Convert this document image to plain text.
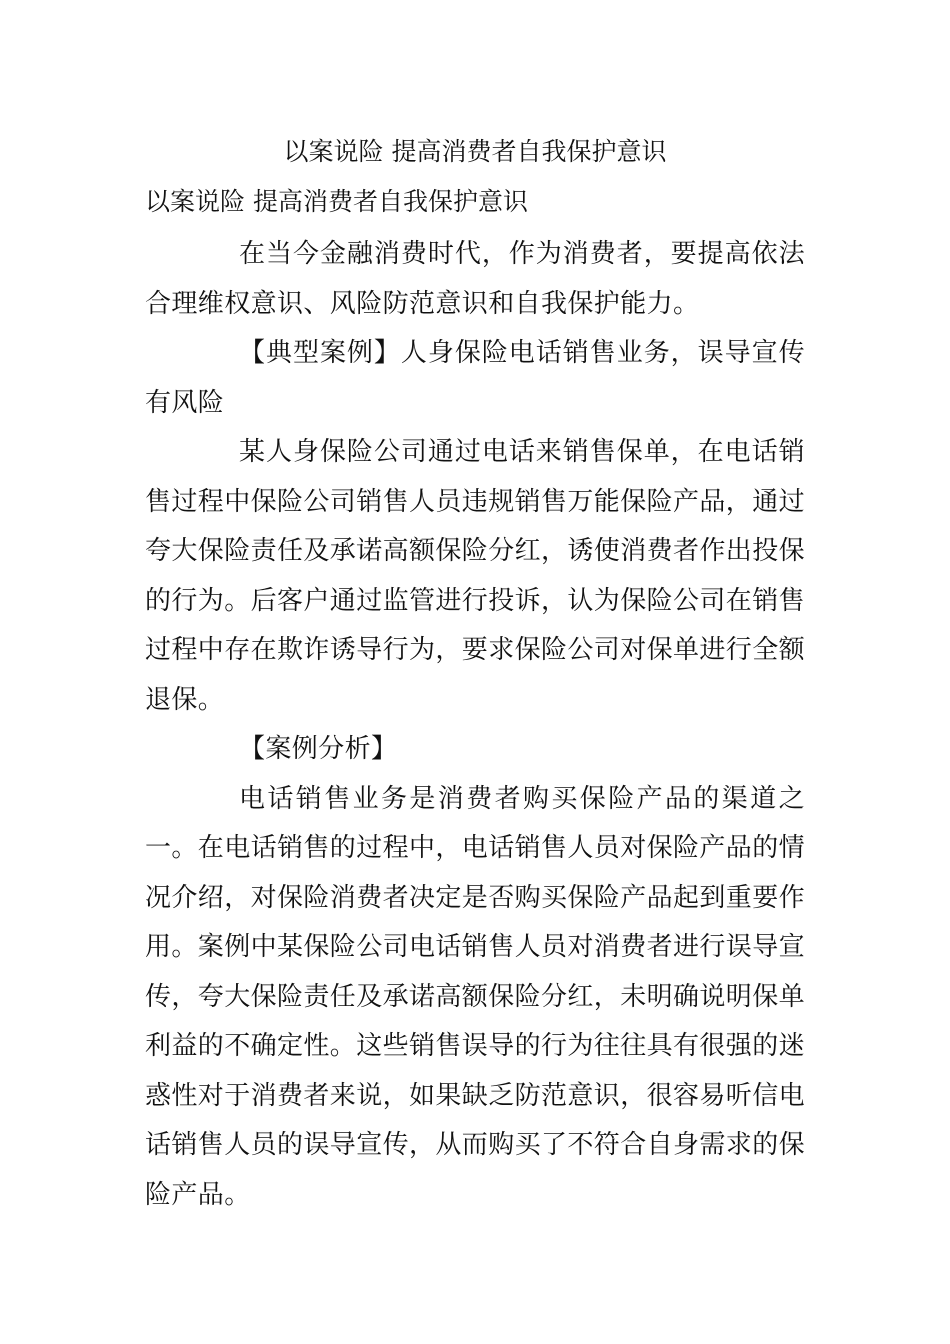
以案说险 提高消费者自我保护意识
以案说险 提高消费者自我保护意识

在当今金融消费时代，作为消费者，要提高依法合理维权意识、风险防范意识和自我保护能力。

【典型案例】人身保险电话销售业务，误导宣传有风险

某人身保险公司通过电话来销售保单，在电话销售过程中保险公司销售人员违规销售万能保险产品，通过夸大保险责任及承诺高额保险分红，诱使消费者作出投保的行为。后客户通过监管进行投诉，认为保险公司在销售过程中存在欺诈诱导行为，要求保险公司对保单进行全额退保。

【案例分析】

电话销售业务是消费者购买保险产品的渠道之一。在电话销售的过程中，电话销售人员对保险产品的情况介绍，对保险消费者决定是否购买保险产品起到重要作用。案例中某保险公司电话销售人员对消费者进行误导宣传，夸大保险责任及承诺高额保险分红，未明确说明保单利益的不确定性。这些销售误导的行为往往具有很强的迷惑性对于消费者来说，如果缺乏防范意识，很容易听信电话销售人员的误导宣传，从而购买了不符合自身需求的保险产品。
